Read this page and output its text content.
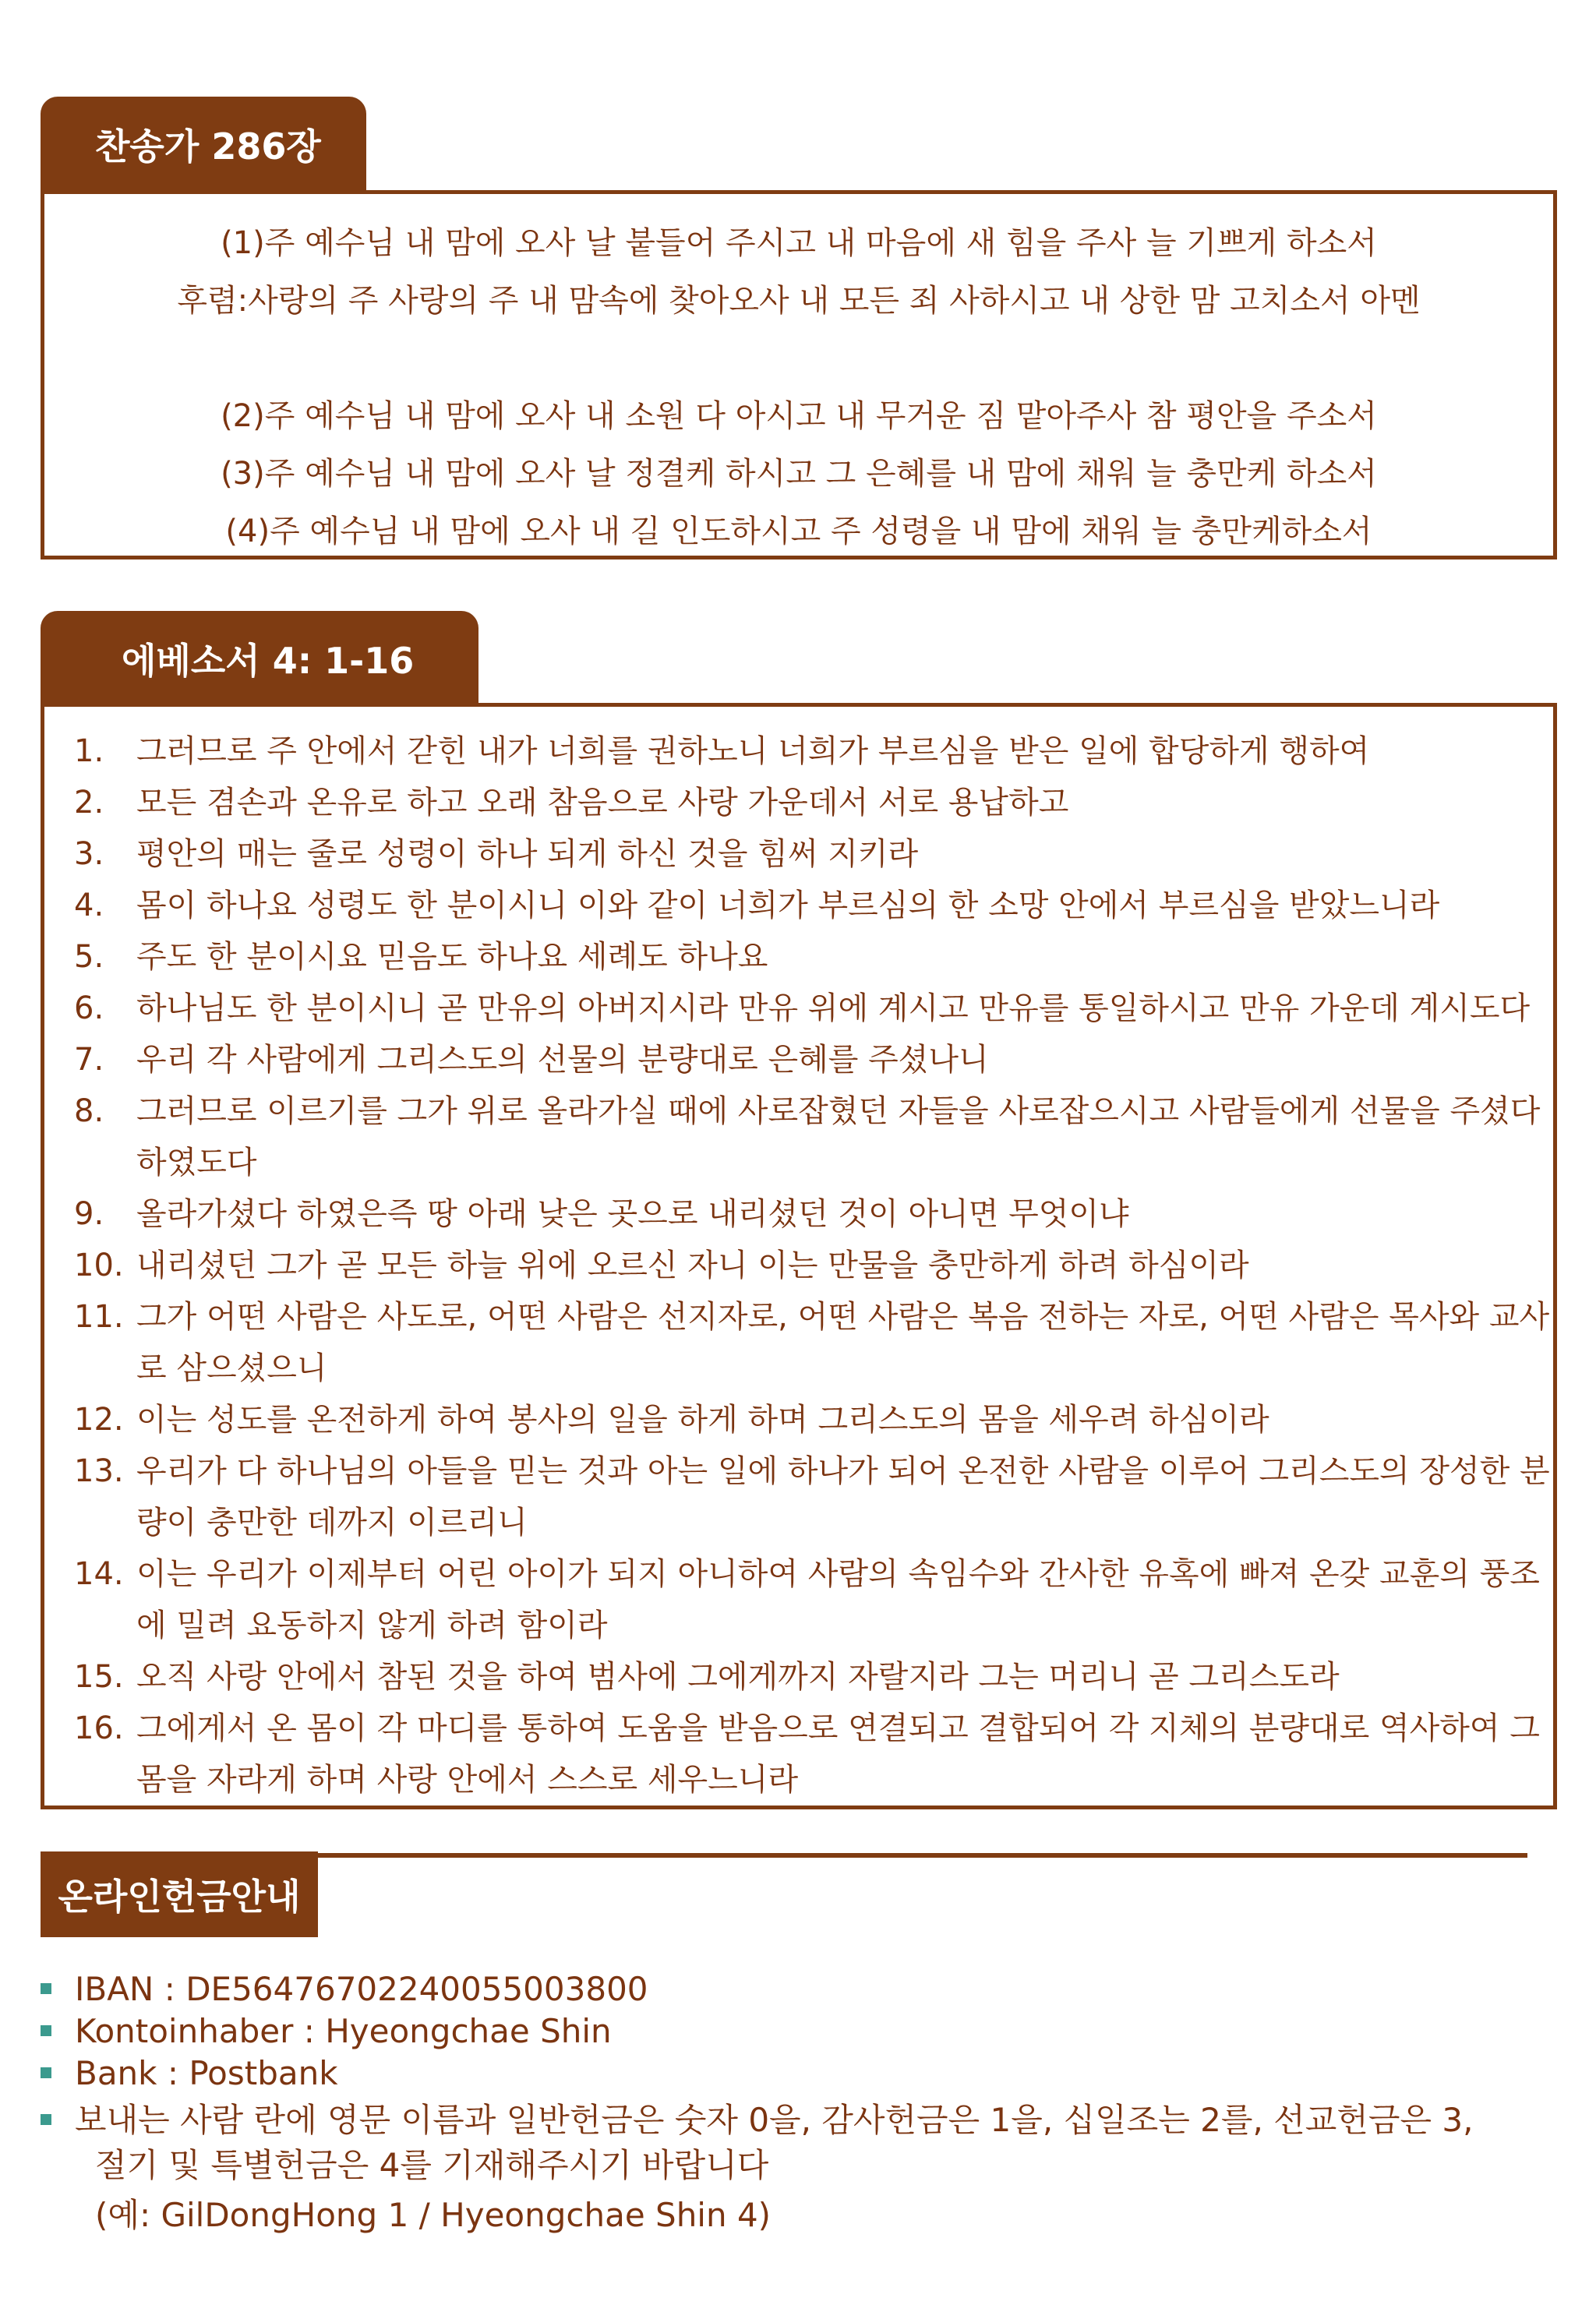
찬송가 286장
(1)주 예수님 내 맘에 오사 날 붙들어 주시고 내 마음에 새 힘을 주사 늘 기쁘게 하소서
후렴:사랑의 주 사랑의 주 내 맘속에 찾아오사 내 모든 죄 사하시고 내 상한 맘 고치소서 아멘
(2)주 예수님 내 맘에 오사 내 소원 다 아시고 내 무거운 짐 맡아주사 참 평안을 주소서
(3)주 예수님 내 맘에 오사 날 정결케 하시고 그 은혜를 내 맘에 채워 늘 충만케 하소서
(4)주 예수님 내 맘에 오사 내 길 인도하시고 주 성령을 내 맘에 채워 늘 충만케하소서
에베소서 4: 1-16
1.	그러므로 주 안에서 갇힌 내가 너희를 권하노니 너희가 부르심을 받은 일에 합당하게 행하여
2.	모든 겸손과 온유로 하고 오래 참음으로 사랑 가운데서 서로 용납하고
3.	평안의 매는 줄로 성령이 하나 되게 하신 것을 힘써 지키라
4.	몸이 하나요 성령도 한 분이시니 이와 같이 너희가 부르심의 한 소망 안에서 부르심을 받았느니라
5.	주도 한 분이시요 믿음도 하나요 세례도 하나요
6.	하나님도 한 분이시니 곧 만유의 아버지시라 만유 위에 계시고 만유를 통일하시고 만유 가운데 계시도다
7.	우리 각 사람에게 그리스도의 선물의 분량대로 은혜를 주셨나니
8.	그러므로 이르기를 그가 위로 올라가실 때에 사로잡혔던 자들을 사로잡으시고 사람들에게 선물을 주셨다
하였도다
9.	올라가셨다 하였은즉 땅 아래 낮은 곳으로 내리셨던 것이 아니면 무엇이냐
10. 내리셨던 그가 곧 모든 하늘 위에 오르신 자니 이는 만물을 충만하게 하려 하심이라
11. 그가 어떤 사람은 사도로, 어떤 사람은 선지자로, 어떤 사람은 복음 전하는 자로, 어떤 사람은 목사와 교사
로 삼으셨으니
12. 이는 성도를 온전하게 하여 봉사의 일을 하게 하며 그리스도의 몸을 세우려 하심이라
13. 우리가 다 하나님의 아들을 믿는 것과 아는 일에 하나가 되어 온전한 사람을 이루어 그리스도의 장성한 분
량이 충만한 데까지 이르리니
14. 이는 우리가 이제부터 어린 아이가 되지 아니하여 사람의 속임수와 간사한 유혹에 빠져 온갖 교훈의 풍조
에 밀려 요동하지 않게 하려 함이라
15. 오직 사랑 안에서 참된 것을 하여 범사에 그에게까지 자랄지라 그는 머리니 곧 그리스도라
16. 그에게서 온 몸이 각 마디를 통하여 도움을 받음으로 연결되고 결합되어 각 지체의 분량대로 역사하여 그
몸을 자라게 하며 사랑 안에서 스스로 세우느니라
온라인헌금안내
IBAN : DE56476702240055003800
Kontoinhaber : Hyeongchae Shin
Bank : Postbank
보내는 사람 란에 영문 이름과 일반헌금은 숫자 0을, 감사헌금은 1을, 십일조는 2를, 선교헌금은 3,
절기 및 특별헌금은 4를 기재해주시기 바랍니다
(예: GilDongHong 1 / Hyeongchae Shin 4)
